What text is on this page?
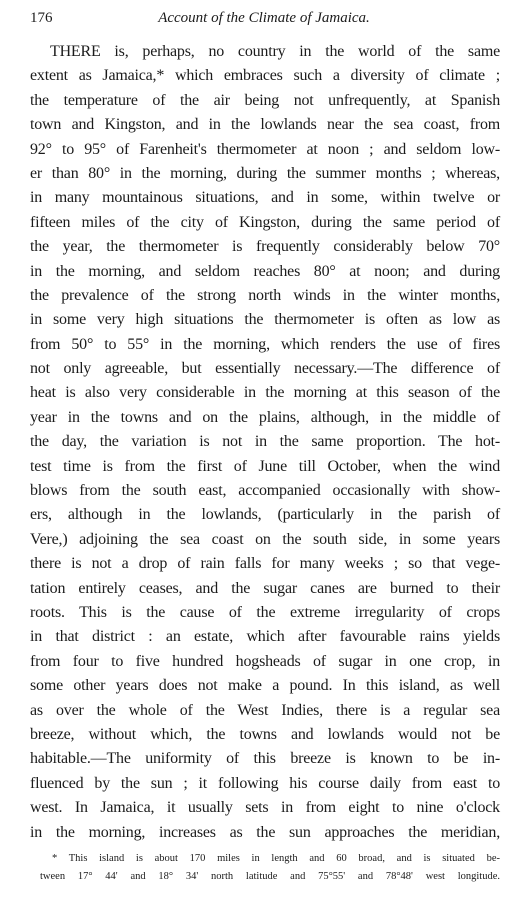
176	Account of the Climate of Jamaica.
THERE is, perhaps, no country in the world of the same
extent as Jamaica,* which embraces such a diversity of climate ;
the temperature of the air being not unfrequently, at Spanish
town and Kingston, and in the lowlands near the sea coast, from
92° to 95° of Farenheit's thermometer at noon ; and seldom low-
er than 80° in the morning, during the summer months ; whereas,
in many mountainous situations, and in some, within twelve or
fifteen miles of the city of Kingston, during the same period of
the year, the thermometer is frequently considerably below 70°
in the morning, and seldom reaches 80° at noon; and during
the prevalence of the strong north winds in the winter months,
in some very high situations the thermometer is often as low as
from 50° to 55° in the morning, which renders the use of fires
not only agreeable, but essentially necessary.—The difference of
heat is also very considerable in the morning at this season of the
year in the towns and on the plains, although, in the middle of
the day, the variation is not in the same proportion. The hot-
test time is from the first of June till October, when the wind
blows from the south east, accompanied occasionally with show-
ers, although in the lowlands, (particularly in the parish of
Vere,) adjoining the sea coast on the south side, in some years
there is not a drop of rain falls for many weeks ; so that vege-
tation entirely ceases, and the sugar canes are burned to their
roots. This is the cause of the extreme irregularity of crops
in that district : an estate, which after favourable rains yields
from four to five hundred hogsheads of sugar in one crop, in
some other years does not make a pound. In this island, as well
as over the whole of the West Indies, there is a regular sea
breeze, without which, the towns and lowlands would not be
habitable.—The uniformity of this breeze is known to be in-
fluenced by the sun ; it following his course daily from east to
west. In Jamaica, it usually sets in from eight to nine o'clock
in the morning, increases as the sun approaches the meridian,
* This island is about 170 miles in length and 60 broad, and is situated be-
tween 17° 44' and 18° 34' north latitude and 75°55' and 78°48' west longitude.
